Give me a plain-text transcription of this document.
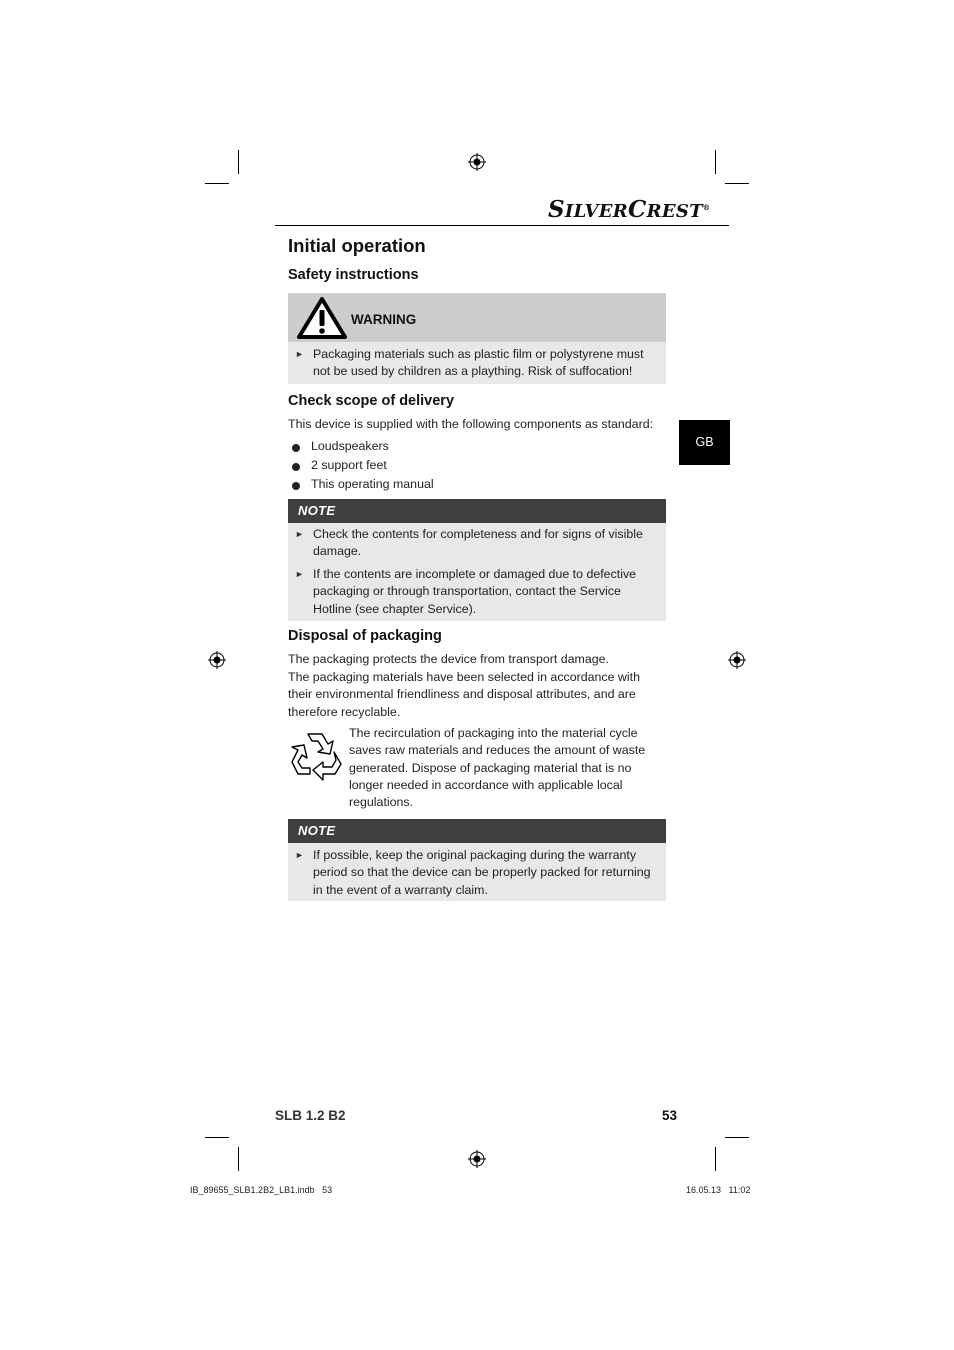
SILVERCREST®
Initial operation
Safety instructions
WARNING
► Packaging materials such as plastic film or polystyrene must not be used by children as a plaything. Risk of suffocation!
Check scope of delivery
This device is supplied with the following components as standard:
Loudspeakers
2 support feet
This operating manual
NOTE
► Check the contents for completeness and for signs of visible damage.
► If the contents are incomplete or damaged due to defective packaging or through transportation, contact the Service Hotline (see chapter Service).
Disposal of packaging
The packaging protects the device from transport damage.
The packaging materials have been selected in accordance with their environmental friendliness and disposal attributes, and are therefore recyclable.
The recirculation of packaging into the material cycle saves raw materials and reduces the amount of waste generated. Dispose of packaging material that is no longer needed in accordance with applicable local regulations.
NOTE
► If possible, keep the original packaging during the warranty period so that the device can be properly packed for returning in the event of a warranty claim.
GB
SLB 1.2 B2	53
IB_89655_SLB1.2B2_LB1.indb   53	16.05.13   11:02
